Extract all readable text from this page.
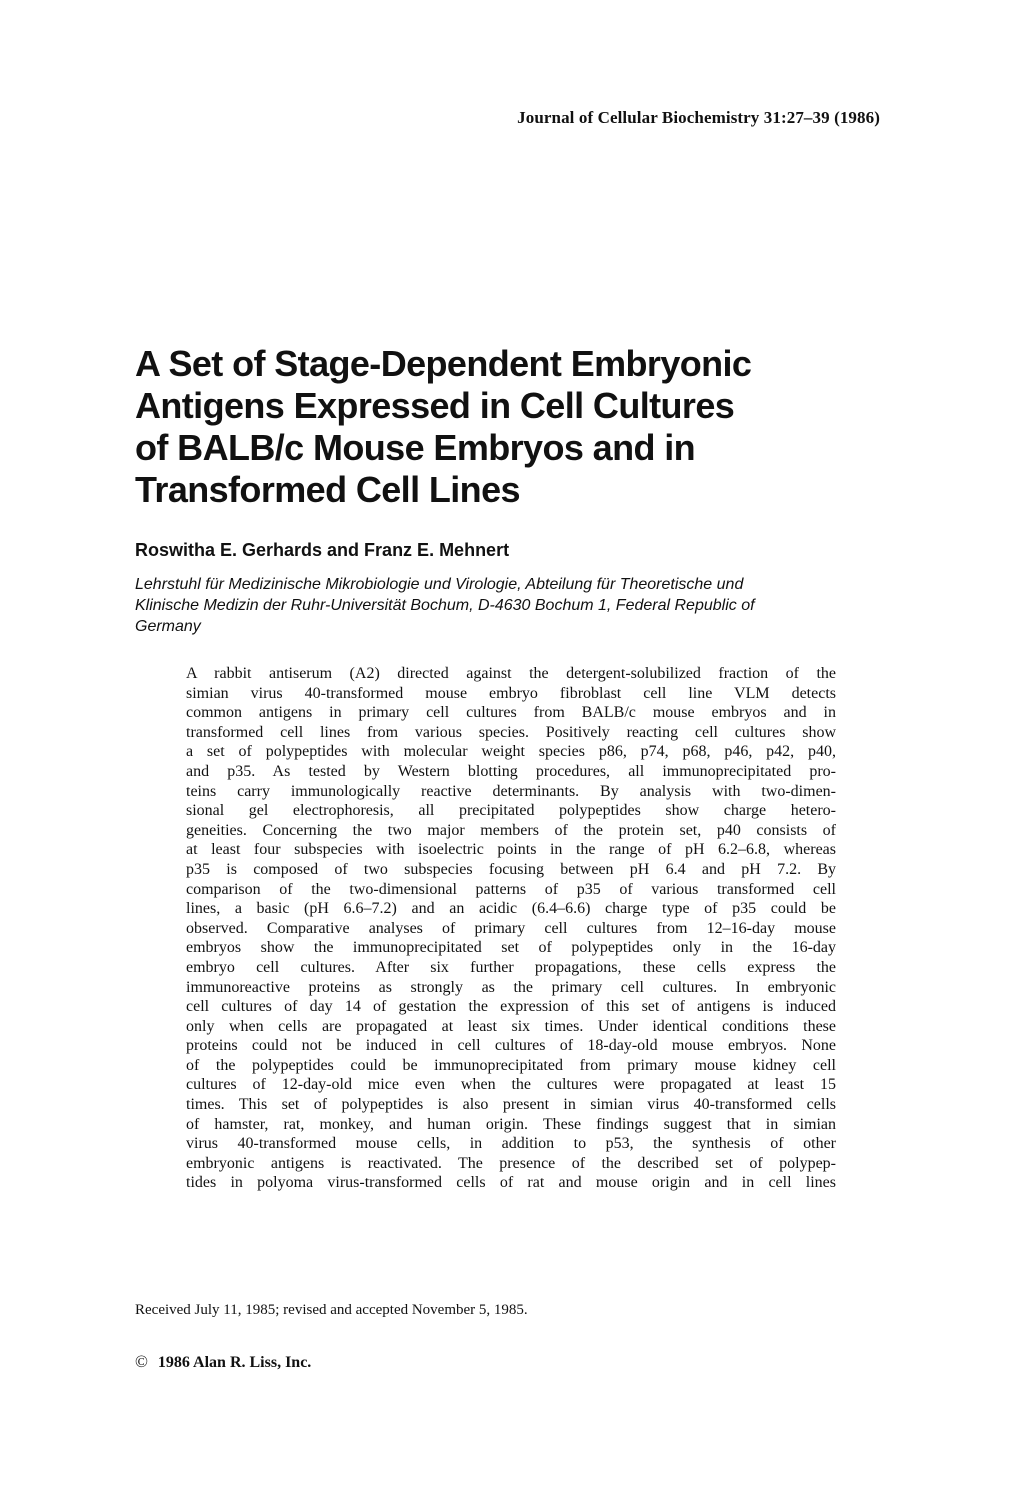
Journal of Cellular Biochemistry 31:27–39 (1986)
A Set of Stage-Dependent Embryonic
Antigens Expressed in Cell Cultures
of BALB/c Mouse Embryos and in
Transformed Cell Lines
Roswitha E. Gerhards and Franz E. Mehnert
Lehrstuhl für Medizinische Mikrobiologie und Virologie, Abteilung für Theoretische und
Klinische Medizin der Ruhr-Universität Bochum, D-4630 Bochum 1, Federal Republic of
Germany
A rabbit antiserum (A2) directed against the detergent-solubilized fraction of the
simian virus 40-transformed mouse embryo fibroblast cell line VLM detects
common antigens in primary cell cultures from BALB/c mouse embryos and in
transformed cell lines from various species. Positively reacting cell cultures show
a set of polypeptides with molecular weight species p86, p74, p68, p46, p42, p40,
and p35. As tested by Western blotting procedures, all immunoprecipitated pro-
teins carry immunologically reactive determinants. By analysis with two-dimen-
sional gel electrophoresis, all precipitated polypeptides show charge hetero-
geneities. Concerning the two major members of the protein set, p40 consists of
at least four subspecies with isoelectric points in the range of pH 6.2–6.8, whereas
p35 is composed of two subspecies focusing between pH 6.4 and pH 7.2. By
comparison of the two-dimensional patterns of p35 of various transformed cell
lines, a basic (pH 6.6–7.2) and an acidic (6.4–6.6) charge type of p35 could be
observed. Comparative analyses of primary cell cultures from 12–16-day mouse
embryos show the immunoprecipitated set of polypeptides only in the 16-day
embryo cell cultures. After six further propagations, these cells express the
immunoreactive proteins as strongly as the primary cell cultures. In embryonic
cell cultures of day 14 of gestation the expression of this set of antigens is induced
only when cells are propagated at least six times. Under identical conditions these
proteins could not be induced in cell cultures of 18-day-old mouse embryos. None
of the polypeptides could be immunoprecipitated from primary mouse kidney cell
cultures of 12-day-old mice even when the cultures were propagated at least 15
times. This set of polypeptides is also present in simian virus 40-transformed cells
of hamster, rat, monkey, and human origin. These findings suggest that in simian
virus 40-transformed mouse cells, in addition to p53, the synthesis of other
embryonic antigens is reactivated. The presence of the described set of polypep-
tides in polyoma virus-transformed cells of rat and mouse origin and in cell lines
Received July 11, 1985; revised and accepted November 5, 1985.
© 1986 Alan R. Liss, Inc.
